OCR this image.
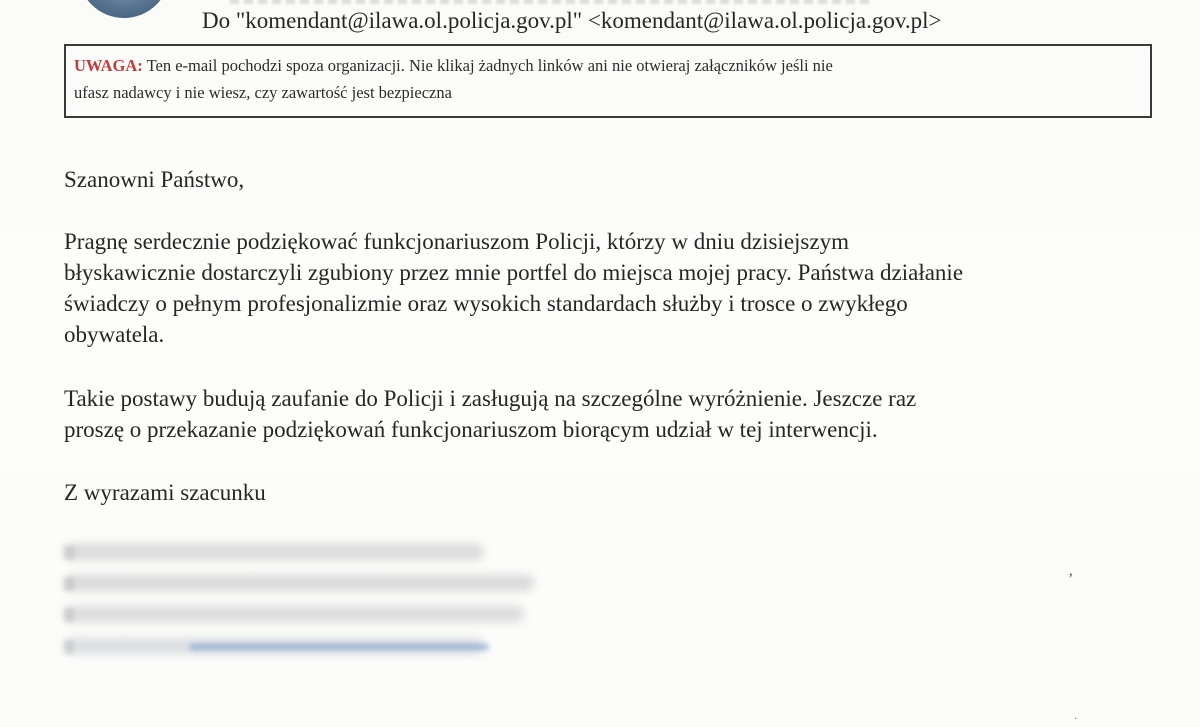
Do "komendant@ilawa.ol.policja.gov.pl" <komendant@ilawa.ol.policja.gov.pl>
UWAGA: Ten e-mail pochodzi spoza organizacji. Nie klikaj żadnych linków ani nie otwieraj załączników jeśli nie
ufasz nadawcy i nie wiesz, czy zawartość jest bezpieczna
Szanowni Państwo,
Pragnę serdecznie podziękować funkcjonariuszom Policji, którzy w dniu dzisiejszym
błyskawicznie dostarczyli zgubiony przez mnie portfel do miejsca mojej pracy. Państwa działanie
świadczy o pełnym profesjonalizmie oraz wysokich standardach służby i trosce o zwykłego
obywatela.
Takie postawy budują zaufanie do Policji i zasługują na szczególne wyróżnienie. Jeszcze raz
proszę o przekazanie podziękowań funkcjonariuszom biorącym udział w tej interwencji.
Z wyrazami szacunku
ʼ
·
